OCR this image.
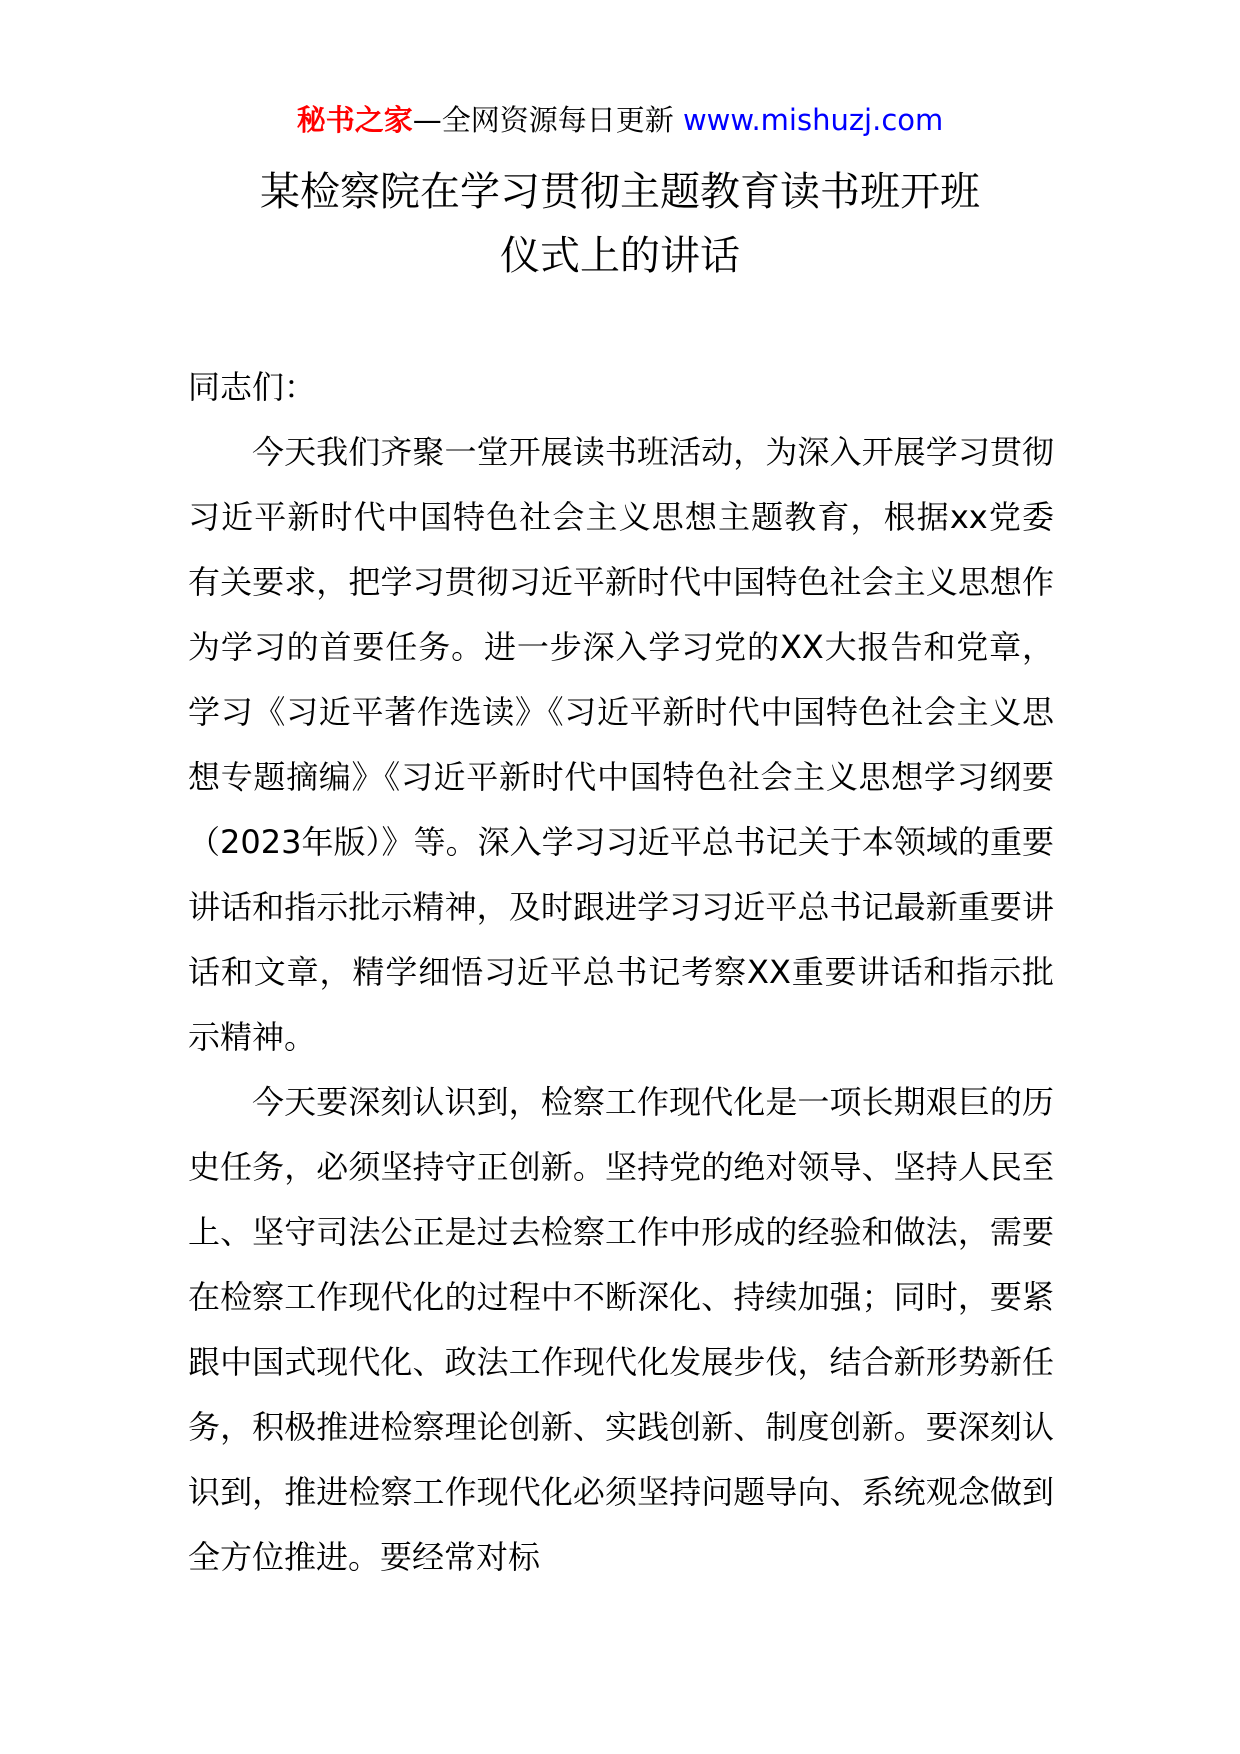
秘书之家—全网资源每日更新 www.mishuzj.com
某检察院在学习贯彻主题教育读书班开班
仪式上的讲话

同志们：

今天我们齐聚一堂开展读书班活动，为深入开展学习贯彻习近平新时代中国特色社会主义思想主题教育，根据xx党委有关要求，把学习贯彻习近平新时代中国特色社会主义思想作为学习的首要任务。进一步深入学习党的XX大报告和党章，学习《习近平著作选读》《习近平新时代中国特色社会主义思想专题摘编》《习近平新时代中国特色社会主义思想学习纲要（2023年版）》等。深入学习习近平总书记关于本领域的重要讲话和指示批示精神，及时跟进学习习近平总书记最新重要讲话和文章，精学细悟习近平总书记考察XX重要讲话和指示批示精神。

今天要深刻认识到，检察工作现代化是一项长期艰巨的历史任务，必须坚持守正创新。坚持党的绝对领导、坚持人民至上、坚守司法公正是过去检察工作中形成的经验和做法，需要在检察工作现代化的过程中不断深化、持续加强；同时，要紧跟中国式现代化、政法工作现代化发展步伐，结合新形势新任务，积极推进检察理论创新、实践创新、制度创新。要深刻认识到，推进检察工作现代化必须坚持问题导向、系统观念做到全方位推进。要经常对标
